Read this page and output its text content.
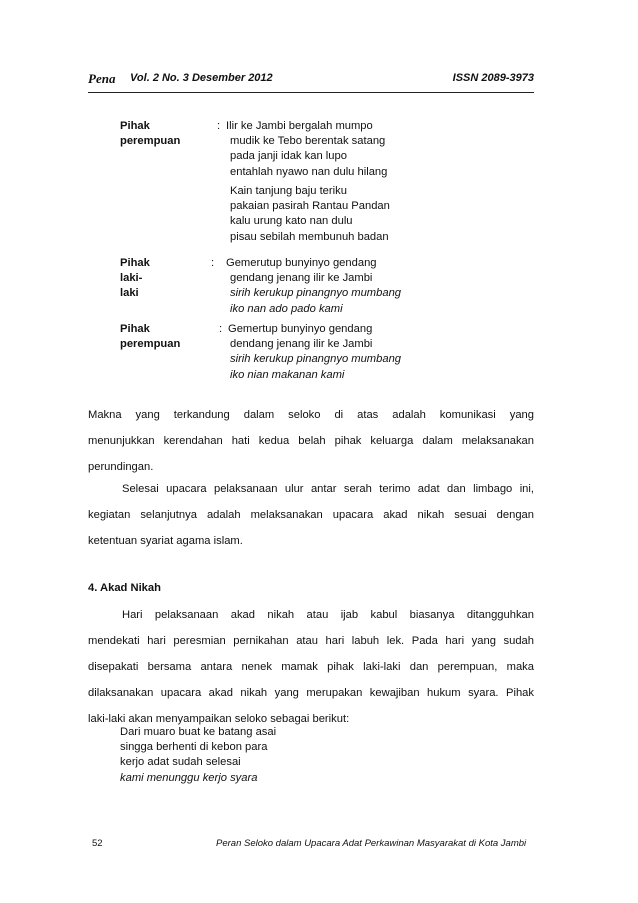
Pena Vol. 2 No. 3 Desember 2012	ISSN 2089-3973
Pihak perempuan
: Ilir ke Jambi bergalah mumpo
mudik ke Tebo berentak satang
pada janji idak kan lupo
entahlah nyawo nan dulu hilang
Kain tanjung baju teriku
pakaian pasirah Rantau Pandan
kalu urung kato nan dulu
pisau sebilah membunuh badan
Pihak laki-laki
: Gemerutup bunyinyo gendang
gendang jenang ilir ke Jambi
sirih kerukup pinangnyo mumbang
iko nan ado pado kami
Pihak perempuan
: Gemertup bunyinyo gendang
dendang jenang ilir ke Jambi
sirih kerukup pinangnyo mumbang
iko nian makanan kami
Makna yang terkandung dalam seloko di atas adalah komunikasi yang
menunjukkan kerendahan hati kedua belah pihak keluarga dalam melaksanakan
perundingan.
Selesai upacara pelaksanaan ulur antar serah terimo adat dan limbago ini,
kegiatan selanjutnya adalah melaksanakan upacara akad nikah sesuai dengan
ketentuan syariat agama islam.
4. Akad Nikah
Hari pelaksanaan akad nikah atau ijab kabul biasanya ditangguhkan
mendekati hari peresmian pernikahan atau hari labuh lek. Pada hari yang sudah
disepakati bersama antara nenek mamak pihak laki-laki dan perempuan, maka
dilaksanakan upacara akad nikah yang merupakan kewajiban hukum syara. Pihak
laki-laki akan menyampaikan seloko sebagai berikut:
Dari muaro buat ke batang asai
singga berhenti di kebon para
kerjo adat sudah selesai
kami menunggu kerjo syara
52	Peran Seloko dalam Upacara Adat Perkawinan Masyarakat di Kota Jambi
